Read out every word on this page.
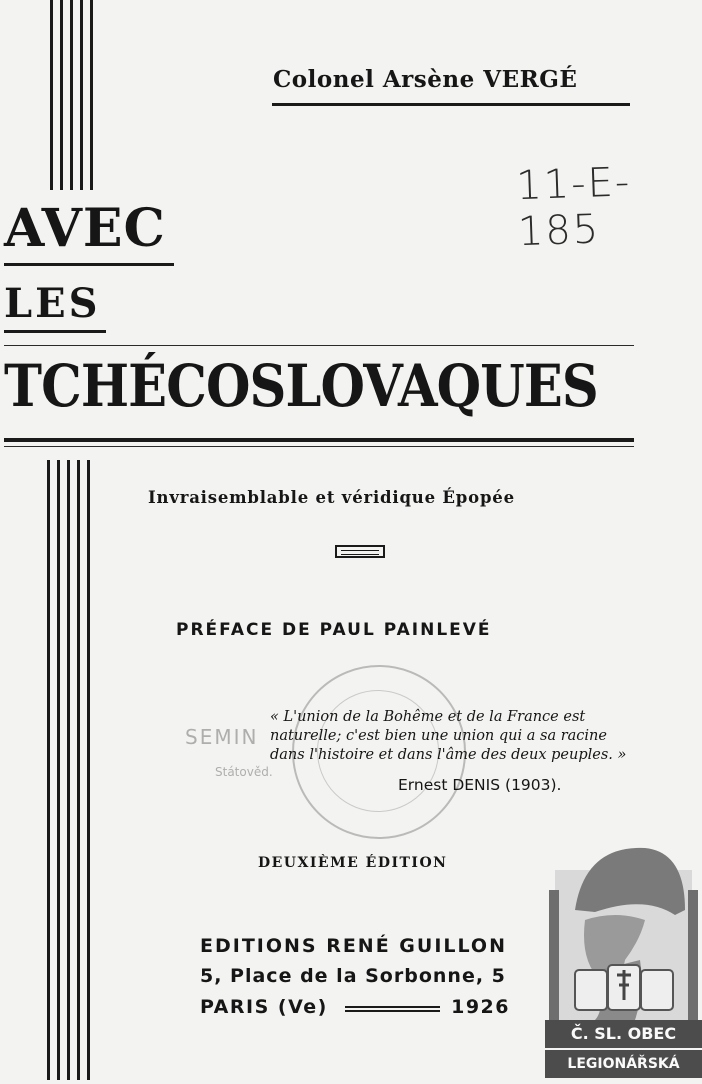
Colonel Arsène VERGÉ
11-E-185
AVEC
LES
TCHÉCOSLOVAQUES
Invraisemblable et véridique Épopée
PRÉFACE DE PAUL PAINLEVÉ
SEMIN
Státověd.
« L'union de la Bohême et de la France est
naturelle; c'est bien une union qui a sa racine
dans l'histoire et dans l'âme des deux peuples. »
Ernest DENIS (1903).
DEUXIÈME ÉDITION
EDITIONS RENÉ GUILLON
5, Place de la Sorbonne, 5
PARIS (Ve)	1926
Č. SL. OBEC
LEGIONÁŘSKÁ
